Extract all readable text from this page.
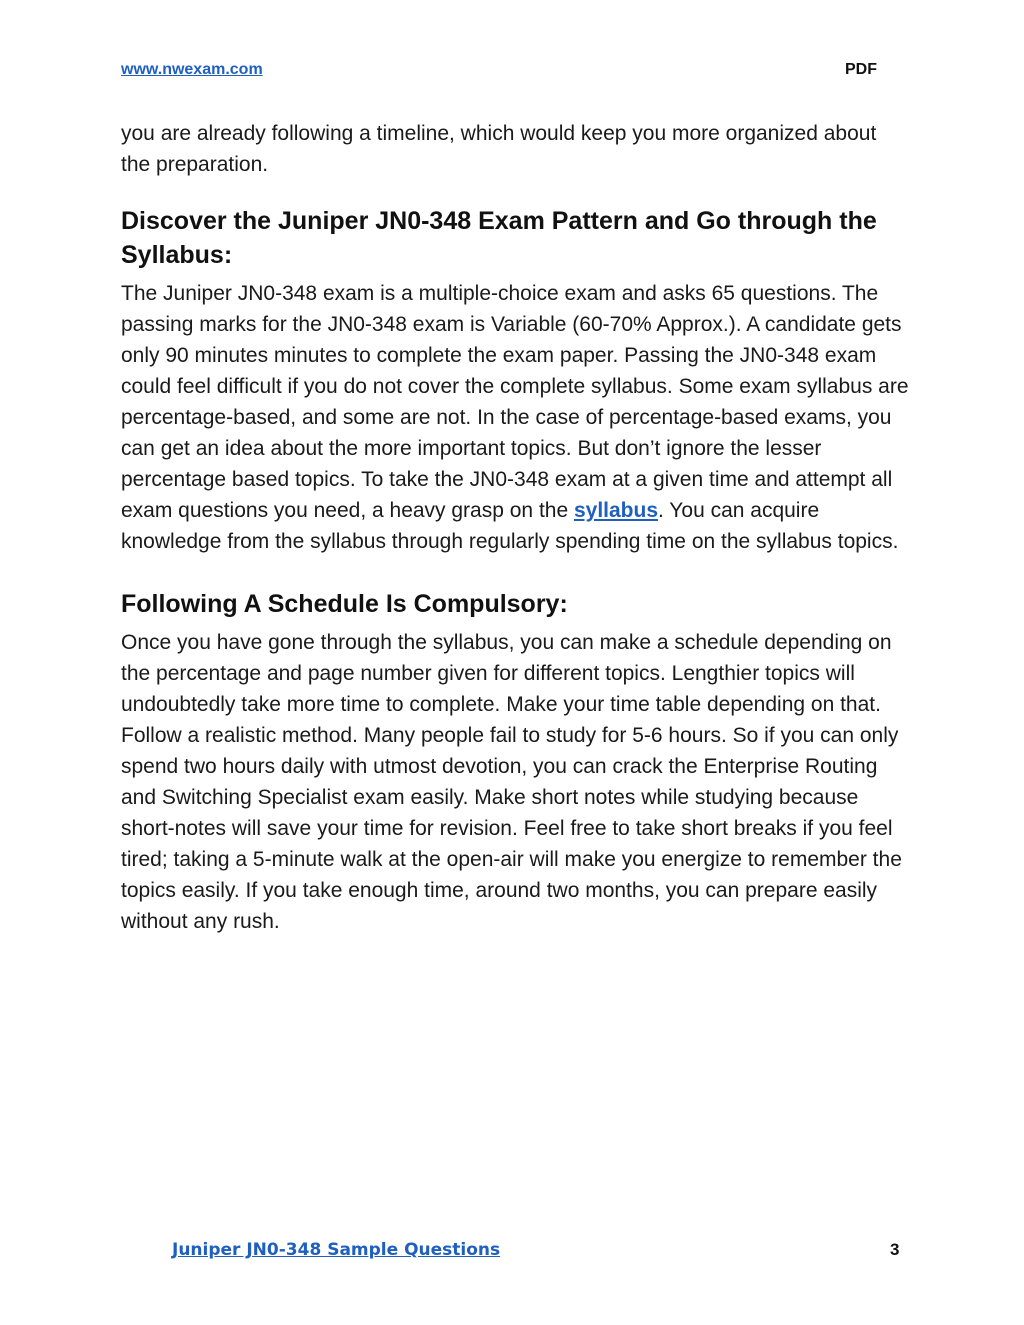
www.nwexam.com	PDF

you are already following a timeline, which would keep you more organized about the preparation.

Discover the Juniper JN0-348 Exam Pattern and Go through the Syllabus:

The Juniper JN0-348 exam is a multiple-choice exam and asks 65 questions. The passing marks for the JN0-348 exam is Variable (60-70% Approx.). A candidate gets only 90 minutes minutes to complete the exam paper. Passing the JN0-348 exam could feel difficult if you do not cover the complete syllabus. Some exam syllabus are percentage-based, and some are not. In the case of percentage-based exams, you can get an idea about the more important topics. But don’t ignore the lesser percentage based topics. To take the JN0-348 exam at a given time and attempt all exam questions you need, a heavy grasp on the syllabus. You can acquire knowledge from the syllabus through regularly spending time on the syllabus topics.

Following A Schedule Is Compulsory:

Once you have gone through the syllabus, you can make a schedule depending on the percentage and page number given for different topics. Lengthier topics will undoubtedly take more time to complete. Make your time table depending on that. Follow a realistic method. Many people fail to study for 5-6 hours. So if you can only spend two hours daily with utmost devotion, you can crack the Enterprise Routing and Switching Specialist exam easily. Make short notes while studying because short-notes will save your time for revision. Feel free to take short breaks if you feel tired; taking a 5-minute walk at the open-air will make you energize to remember the topics easily. If you take enough time, around two months, you can prepare easily without any rush.

Juniper JN0-348 Sample Questions	3
